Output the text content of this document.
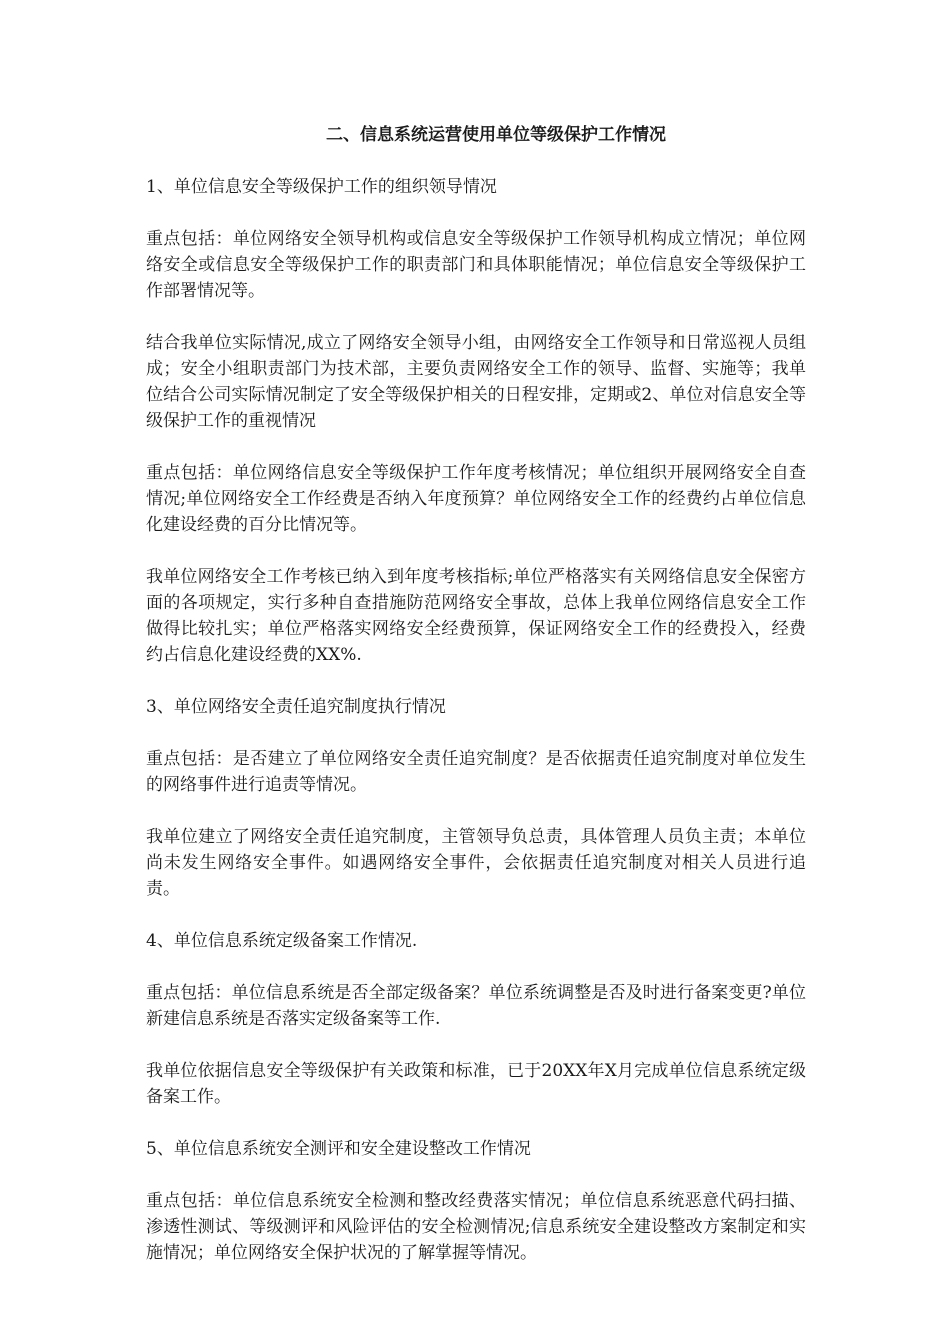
二、信息系统运营使用单位等级保护工作情况
1、单位信息安全等级保护工作的组织领导情况
重点包括：单位网络安全领导机构或信息安全等级保护工作领导机构成立情况；单位网络安全或信息安全等级保护工作的职责部门和具体职能情况；单位信息安全等级保护工作部署情况等。
结合我单位实际情况,成立了网络安全领导小组，由网络安全工作领导和日常巡视人员组成；安全小组职责部门为技术部，主要负责网络安全工作的领导、监督、实施等；我单位结合公司实际情况制定了安全等级保护相关的日程安排，定期或2、单位对信息安全等级保护工作的重视情况
重点包括：单位网络信息安全等级保护工作年度考核情况；单位组织开展网络安全自查情况;单位网络安全工作经费是否纳入年度预算？单位网络安全工作的经费约占单位信息化建设经费的百分比情况等。
我单位网络安全工作考核已纳入到年度考核指标;单位严格落实有关网络信息安全保密方面的各项规定，实行多种自查措施防范网络安全事故，总体上我单位网络信息安全工作做得比较扎实；单位严格落实网络安全经费预算，保证网络安全工作的经费投入，经费约占信息化建设经费的XX%.
3、单位网络安全责任追究制度执行情况
重点包括：是否建立了单位网络安全责任追究制度？是否依据责任追究制度对单位发生的网络事件进行追责等情况。
我单位建立了网络安全责任追究制度，主管领导负总责，具体管理人员负主责；本单位尚未发生网络安全事件。如遇网络安全事件，会依据责任追究制度对相关人员进行追责。
4、单位信息系统定级备案工作情况.
重点包括：单位信息系统是否全部定级备案？单位系统调整是否及时进行备案变更?单位新建信息系统是否落实定级备案等工作.
我单位依据信息安全等级保护有关政策和标准，已于20XX年X月完成单位信息系统定级备案工作。
5、单位信息系统安全测评和安全建设整改工作情况
重点包括：单位信息系统安全检测和整改经费落实情况；单位信息系统恶意代码扫描、渗透性测试、等级测评和风险评估的安全检测情况;信息系统安全建设整改方案制定和实施情况；单位网络安全保护状况的了解掌握等情况。
